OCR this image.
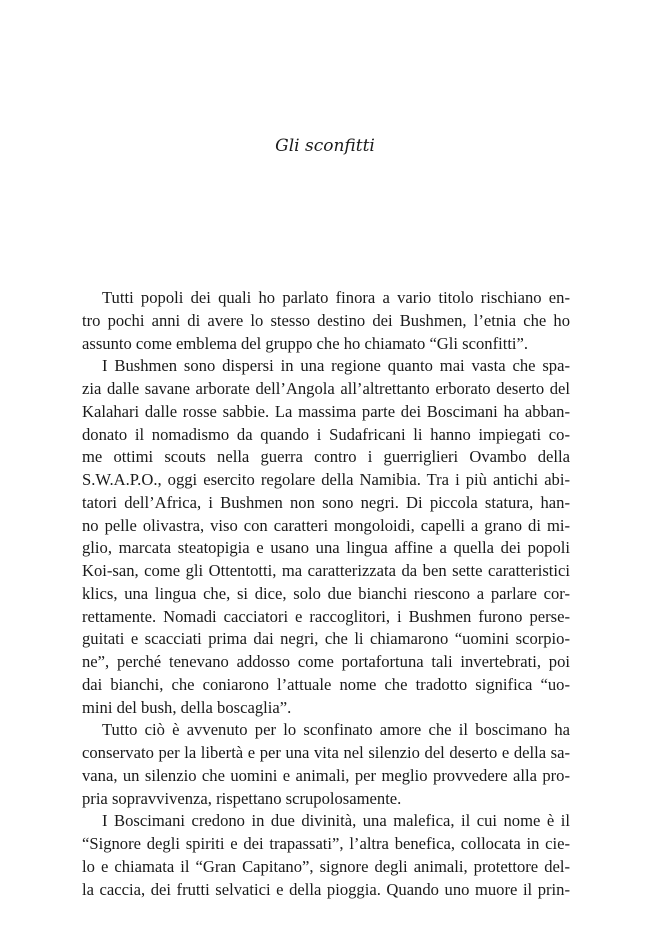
Gli sconfitti
Tutti popoli dei quali ho parlato finora a vario titolo rischiano en-
tro pochi anni di avere lo stesso destino dei Bushmen, l’etnia che ho
assunto come emblema del gruppo che ho chiamato “Gli sconfitti”.
I Bushmen sono dispersi in una regione quanto mai vasta che spa-
zia dalle savane arborate dell’Angola all’altrettanto erborato deserto del
Kalahari dalle rosse sabbie. La massima parte dei Boscimani ha abban-
donato il nomadismo da quando i Sudafricani li hanno impiegati co-
me ottimi scouts nella guerra contro i guerriglieri Ovambo della
S.W.A.P.O., oggi esercito regolare della Namibia. Tra i più antichi abi-
tatori dell’Africa, i Bushmen non sono negri. Di piccola statura, han-
no pelle olivastra, viso con caratteri mongoloidi, capelli a grano di mi-
glio, marcata steatopigia e usano una lingua affine a quella dei popoli
Koi-san, come gli Ottentotti, ma caratterizzata da ben sette caratteristici
klics, una lingua che, si dice, solo due bianchi riescono a parlare cor-
rettamente. Nomadi cacciatori e raccoglitori, i Bushmen furono perse-
guitati e scacciati prima dai negri, che li chiamarono “uomini scorpio-
ne”, perché tenevano addosso come portafortuna tali invertebrati, poi
dai bianchi, che coniarono l’attuale nome che tradotto significa “uo-
mini del bush, della boscaglia”.
Tutto ciò è avvenuto per lo sconfinato amore che il boscimano ha
conservato per la libertà e per una vita nel silenzio del deserto e della sa-
vana, un silenzio che uomini e animali, per meglio provvedere alla pro-
pria sopravvivenza, rispettano scrupolosamente.
I Boscimani credono in due divinità, una malefica, il cui nome è il
“Signore degli spiriti e dei trapassati”, l’altra benefica, collocata in cie-
lo e chiamata il “Gran Capitano”, signore degli animali, protettore del-
la caccia, dei frutti selvatici e della pioggia. Quando uno muore il prin-
